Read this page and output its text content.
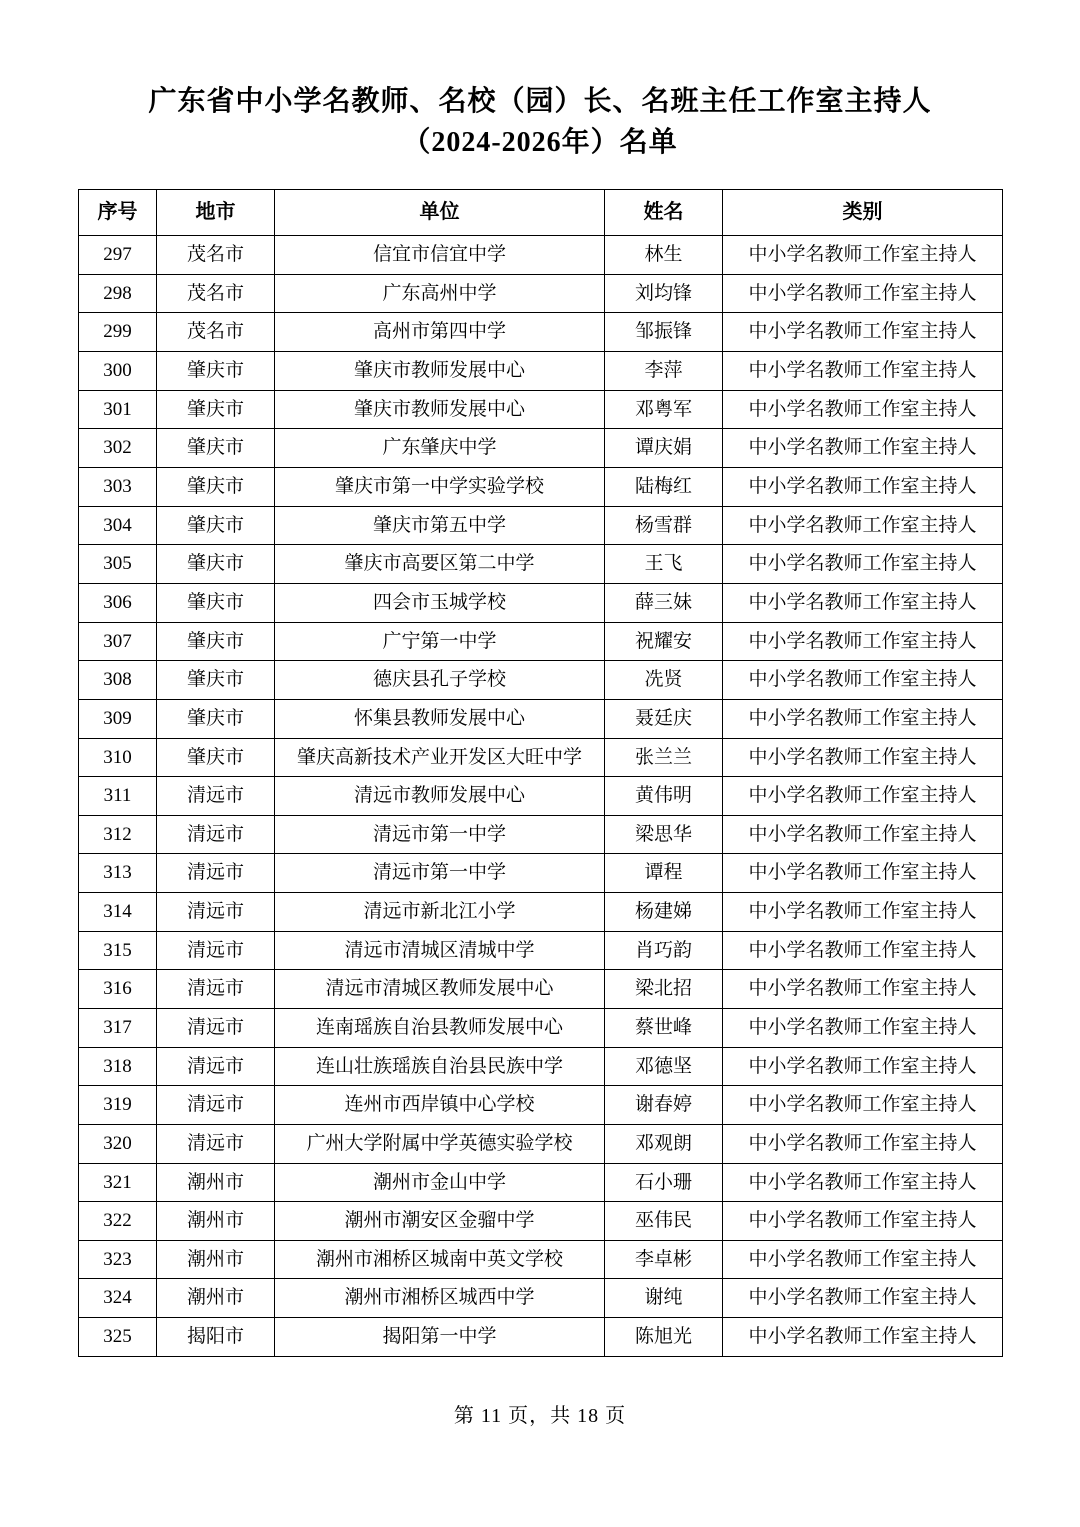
广东省中小学名教师、名校（园）长、名班主任工作室主持人
（2024-2026年）名单
序号	地市	单位	姓名	类别
297	茂名市	信宜市信宜中学	林生	中小学名教师工作室主持人
298	茂名市	广东高州中学	刘均锋	中小学名教师工作室主持人
299	茂名市	高州市第四中学	邹振锋	中小学名教师工作室主持人
300	肇庆市	肇庆市教师发展中心	李萍	中小学名教师工作室主持人
301	肇庆市	肇庆市教师发展中心	邓粤军	中小学名教师工作室主持人
302	肇庆市	广东肇庆中学	谭庆娟	中小学名教师工作室主持人
303	肇庆市	肇庆市第一中学实验学校	陆梅红	中小学名教师工作室主持人
304	肇庆市	肇庆市第五中学	杨雪群	中小学名教师工作室主持人
305	肇庆市	肇庆市高要区第二中学	王飞	中小学名教师工作室主持人
306	肇庆市	四会市玉城学校	薛三妹	中小学名教师工作室主持人
307	肇庆市	广宁第一中学	祝耀安	中小学名教师工作室主持人
308	肇庆市	德庆县孔子学校	冼贤	中小学名教师工作室主持人
309	肇庆市	怀集县教师发展中心	聂廷庆	中小学名教师工作室主持人
310	肇庆市	肇庆高新技术产业开发区大旺中学	张兰兰	中小学名教师工作室主持人
311	清远市	清远市教师发展中心	黄伟明	中小学名教师工作室主持人
312	清远市	清远市第一中学	梁思华	中小学名教师工作室主持人
313	清远市	清远市第一中学	谭程	中小学名教师工作室主持人
314	清远市	清远市新北江小学	杨建娣	中小学名教师工作室主持人
315	清远市	清远市清城区清城中学	肖巧韵	中小学名教师工作室主持人
316	清远市	清远市清城区教师发展中心	梁北招	中小学名教师工作室主持人
317	清远市	连南瑶族自治县教师发展中心	蔡世峰	中小学名教师工作室主持人
318	清远市	连山壮族瑶族自治县民族中学	邓德坚	中小学名教师工作室主持人
319	清远市	连州市西岸镇中心学校	谢春婷	中小学名教师工作室主持人
320	清远市	广州大学附属中学英德实验学校	邓观朗	中小学名教师工作室主持人
321	潮州市	潮州市金山中学	石小珊	中小学名教师工作室主持人
322	潮州市	潮州市潮安区金骝中学	巫伟民	中小学名教师工作室主持人
323	潮州市	潮州市湘桥区城南中英文学校	李卓彬	中小学名教师工作室主持人
324	潮州市	潮州市湘桥区城西中学	谢纯	中小学名教师工作室主持人
325	揭阳市	揭阳第一中学	陈旭光	中小学名教师工作室主持人
第 11 页，共 18 页
